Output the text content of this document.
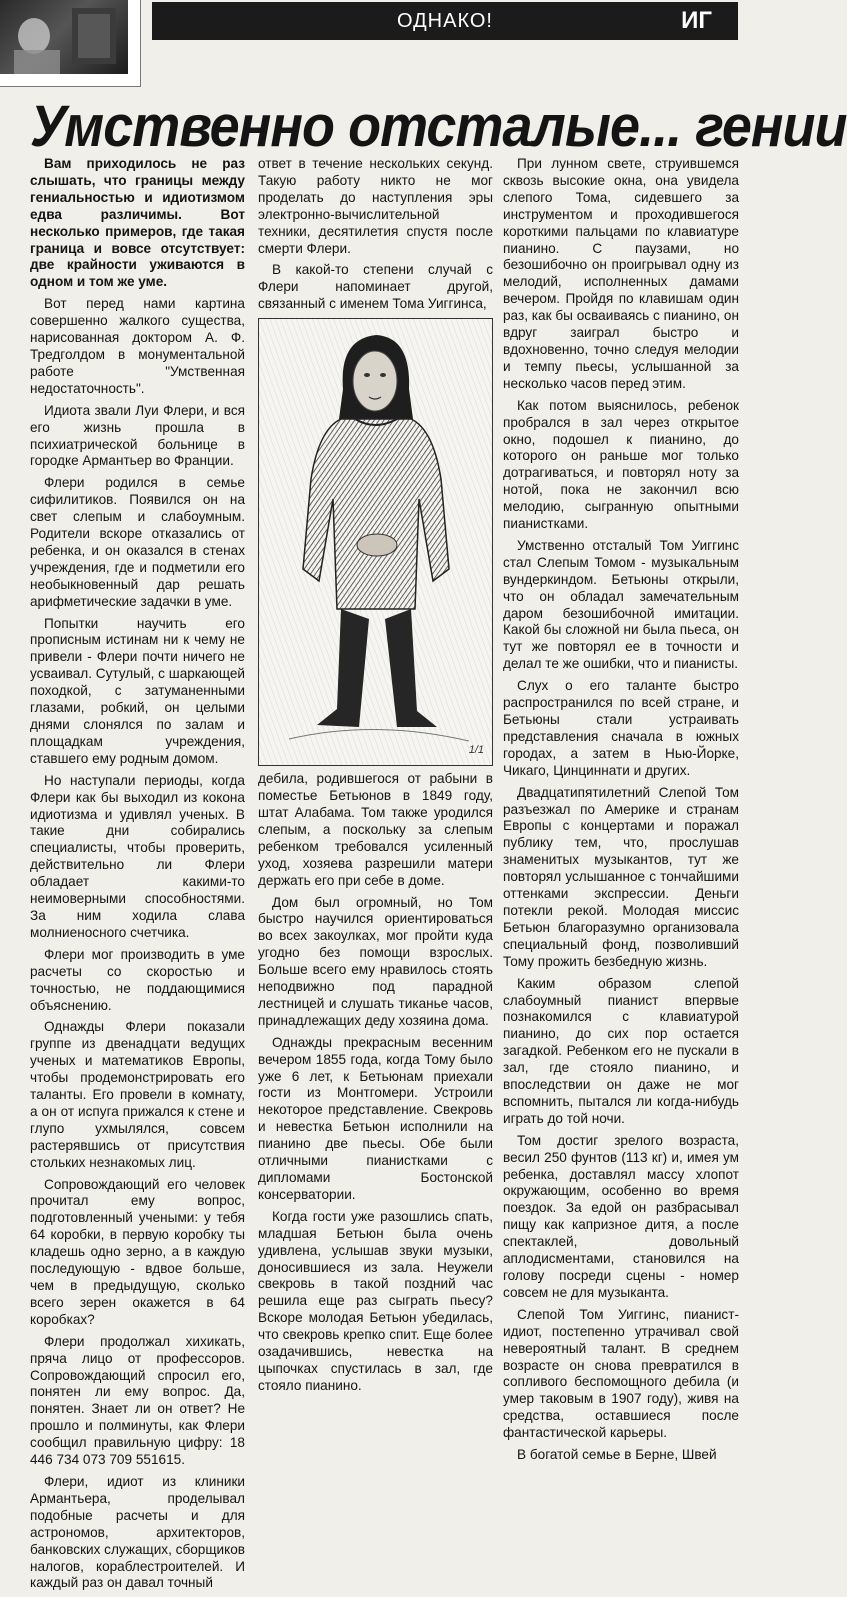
ОДНАКО!	ИГ
Умственно отсталые... гении

Вам приходилось не раз слышать, что границы между гениальностью и идиотизмом едва различимы. Вот несколько примеров, где такая граница и вовсе отсутствует: две крайности уживаются в одном и том же уме.

Вот перед нами картина совершенно жалкого существа, нарисованная доктором А. Ф. Тредголдом в монументальной работе "Умственная недостаточность".

Идиота звали Луи Флери, и вся его жизнь прошла в психиатрической больнице в городке Армантьер во Франции.

Флери родился в семье сифилитиков. Появился он на свет слепым и слабоумным. Родители вскоре отказались от ребенка, и он оказался в стенах учреждения, где и подметили его необыкновенный дар решать арифметические задачки в уме.

Попытки научить его прописным истинам ни к чему не привели - Флери почти ничего не усваивал. Сутулый, с шаркающей походкой, с затуманенными глазами, робкий, он целыми днями слонялся по залам и площадкам учреждения, ставшего ему родным домом.

Но наступали периоды, когда Флери как бы выходил из кокона идиотизма и удивлял ученых. В такие дни собирались специалисты, чтобы проверить, действительно ли Флери обладает какими-то неимоверными способностями. За ним ходила слава молниеносного счетчика.

Флери мог производить в уме расчеты со скоростью и точностью, не поддающимися объяснению.

Однажды Флери показали группе из двенадцати ведущих ученых и математиков Европы, чтобы продемонстрировать его таланты. Его провели в комнату, а он от испуга прижался к стене и глупо ухмылялся, совсем растерявшись от присутствия стольких незнакомых лиц.

Сопровождающий его человек прочитал ему вопрос, подготовленный учеными: у тебя 64 коробки, в первую коробку ты кладешь одно зерно, а в каждую последующую - вдвое больше, чем в предыдущую, сколько всего зерен окажется в 64 коробках?

Флери продолжал хихикать, пряча лицо от профессоров. Сопровождающий спросил его, понятен ли ему вопрос. Да, понятен. Знает ли он ответ? Не прошло и полминуты, как Флери сообщил правильную цифру: 18 446 734 073 709 551615.

Флери, идиот из клиники Армантьера, проделывал подобные расчеты и для астрономов, архитекторов, банковских служащих, сборщиков налогов, кораблестроителей. И каждый раз он давал точный

ответ в течение нескольких секунд. Такую работу никто не мог проделать до наступления эры электронно-вычислительной техники, десятилетия спустя после смерти Флери.

В какой-то степени случай с Флери напоминает другой, связанный с именем Тома Уиггинса,

1/1

дебила, родившегося от рабыни в поместье Бетьюнов в 1849 году, штат Алабама. Том также уродился слепым, а поскольку за слепым ребенком требовался усиленный уход, хозяева разрешили матери держать его при себе в доме.

Дом был огромный, но Том быстро научился ориентироваться во всех закоулках, мог пройти куда угодно без помощи взрослых. Больше всего ему нравилось стоять неподвижно под парадной лестницей и слушать тиканье часов, принадлежащих деду хозяина дома.

Однажды прекрасным весенним вечером 1855 года, когда Тому было уже 6 лет, к Бетьюнам приехали гости из Монтгомери. Устроили некоторое представление. Свекровь и невестка Бетьюн исполнили на пианино две пьесы. Обе были отличными пианистками с дипломами Бостонской консерватории.

Когда гости уже разошлись спать, младшая Бетьюн была очень удивлена, услышав звуки музыки, доносившиеся из зала. Неужели свекровь в такой поздний час решила еще раз сыграть пьесу? Вскоре молодая Бетьюн убедилась, что свекровь крепко спит. Еще более озадачившись, невестка на цыпочках спустилась в зал, где стояло пианино.

При лунном свете, струившемся сквозь высокие окна, она увидела слепого Тома, сидевшего за инструментом и проходившегося короткими пальцами по клавиатуре пианино. С паузами, но безошибочно он проигрывал одну из мелодий, исполненных дамами вечером. Пройдя по клавишам один раз, как бы осваиваясь с пианино, он вдруг заиграл быстро и вдохновенно, точно следуя мелодии и темпу пьесы, услышанной за несколько часов перед этим.

Как потом выяснилось, ребенок пробрался в зал через открытое окно, подошел к пианино, до которого он раньше мог только дотрагиваться, и повторял ноту за нотой, пока не закончил всю мелодию, сыгранную опытными пианистками.

Умственно отсталый Том Уиггинс стал Слепым Томом - музыкальным вундеркиндом. Бетьюны открыли, что он обладал замечательным даром безошибочной имитации. Какой бы сложной ни была пьеса, он тут же повторял ее в точности и делал те же ошибки, что и пианисты.

Слух о его таланте быстро распространился по всей стране, и Бетьюны стали устраивать представления сначала в южных городах, а затем в Нью-Йорке, Чикаго, Цинциннати и других.

Двадцатипятилетний Слепой Том разъезжал по Америке и странам Европы с концертами и поражал публику тем, что, прослушав знаменитых музыкантов, тут же повторял услышанное с тончайшими оттенками экспрессии. Деньги потекли рекой. Молодая миссис Бетьюн благоразумно организовала специальный фонд, позволивший Тому прожить безбедную жизнь.

Каким образом слепой слабоумный пианист впервые познакомился с клавиатурой пианино, до сих пор остается загадкой. Ребенком его не пускали в зал, где стояло пианино, и впоследствии он даже не мог вспомнить, пытался ли когда-нибудь играть до той ночи.

Том достиг зрелого возраста, весил 250 фунтов (113 кг) и, имея ум ребенка, доставлял массу хлопот окружающим, особенно во время поездок. За едой он разбрасывал пищу как капризное дитя, а после спектаклей, довольный аплодисментами, становился на голову посреди сцены - номер совсем не для музыканта.

Слепой Том Уиггинс, пианист-идиот, постепенно утрачивал свой невероятный талант. В среднем возрасте он снова превратился в сопливого беспомощного дебила (и умер таковым в 1907 году), живя на средства, оставшиеся после фантастической карьеры.

В богатой семье в Берне, Швей
